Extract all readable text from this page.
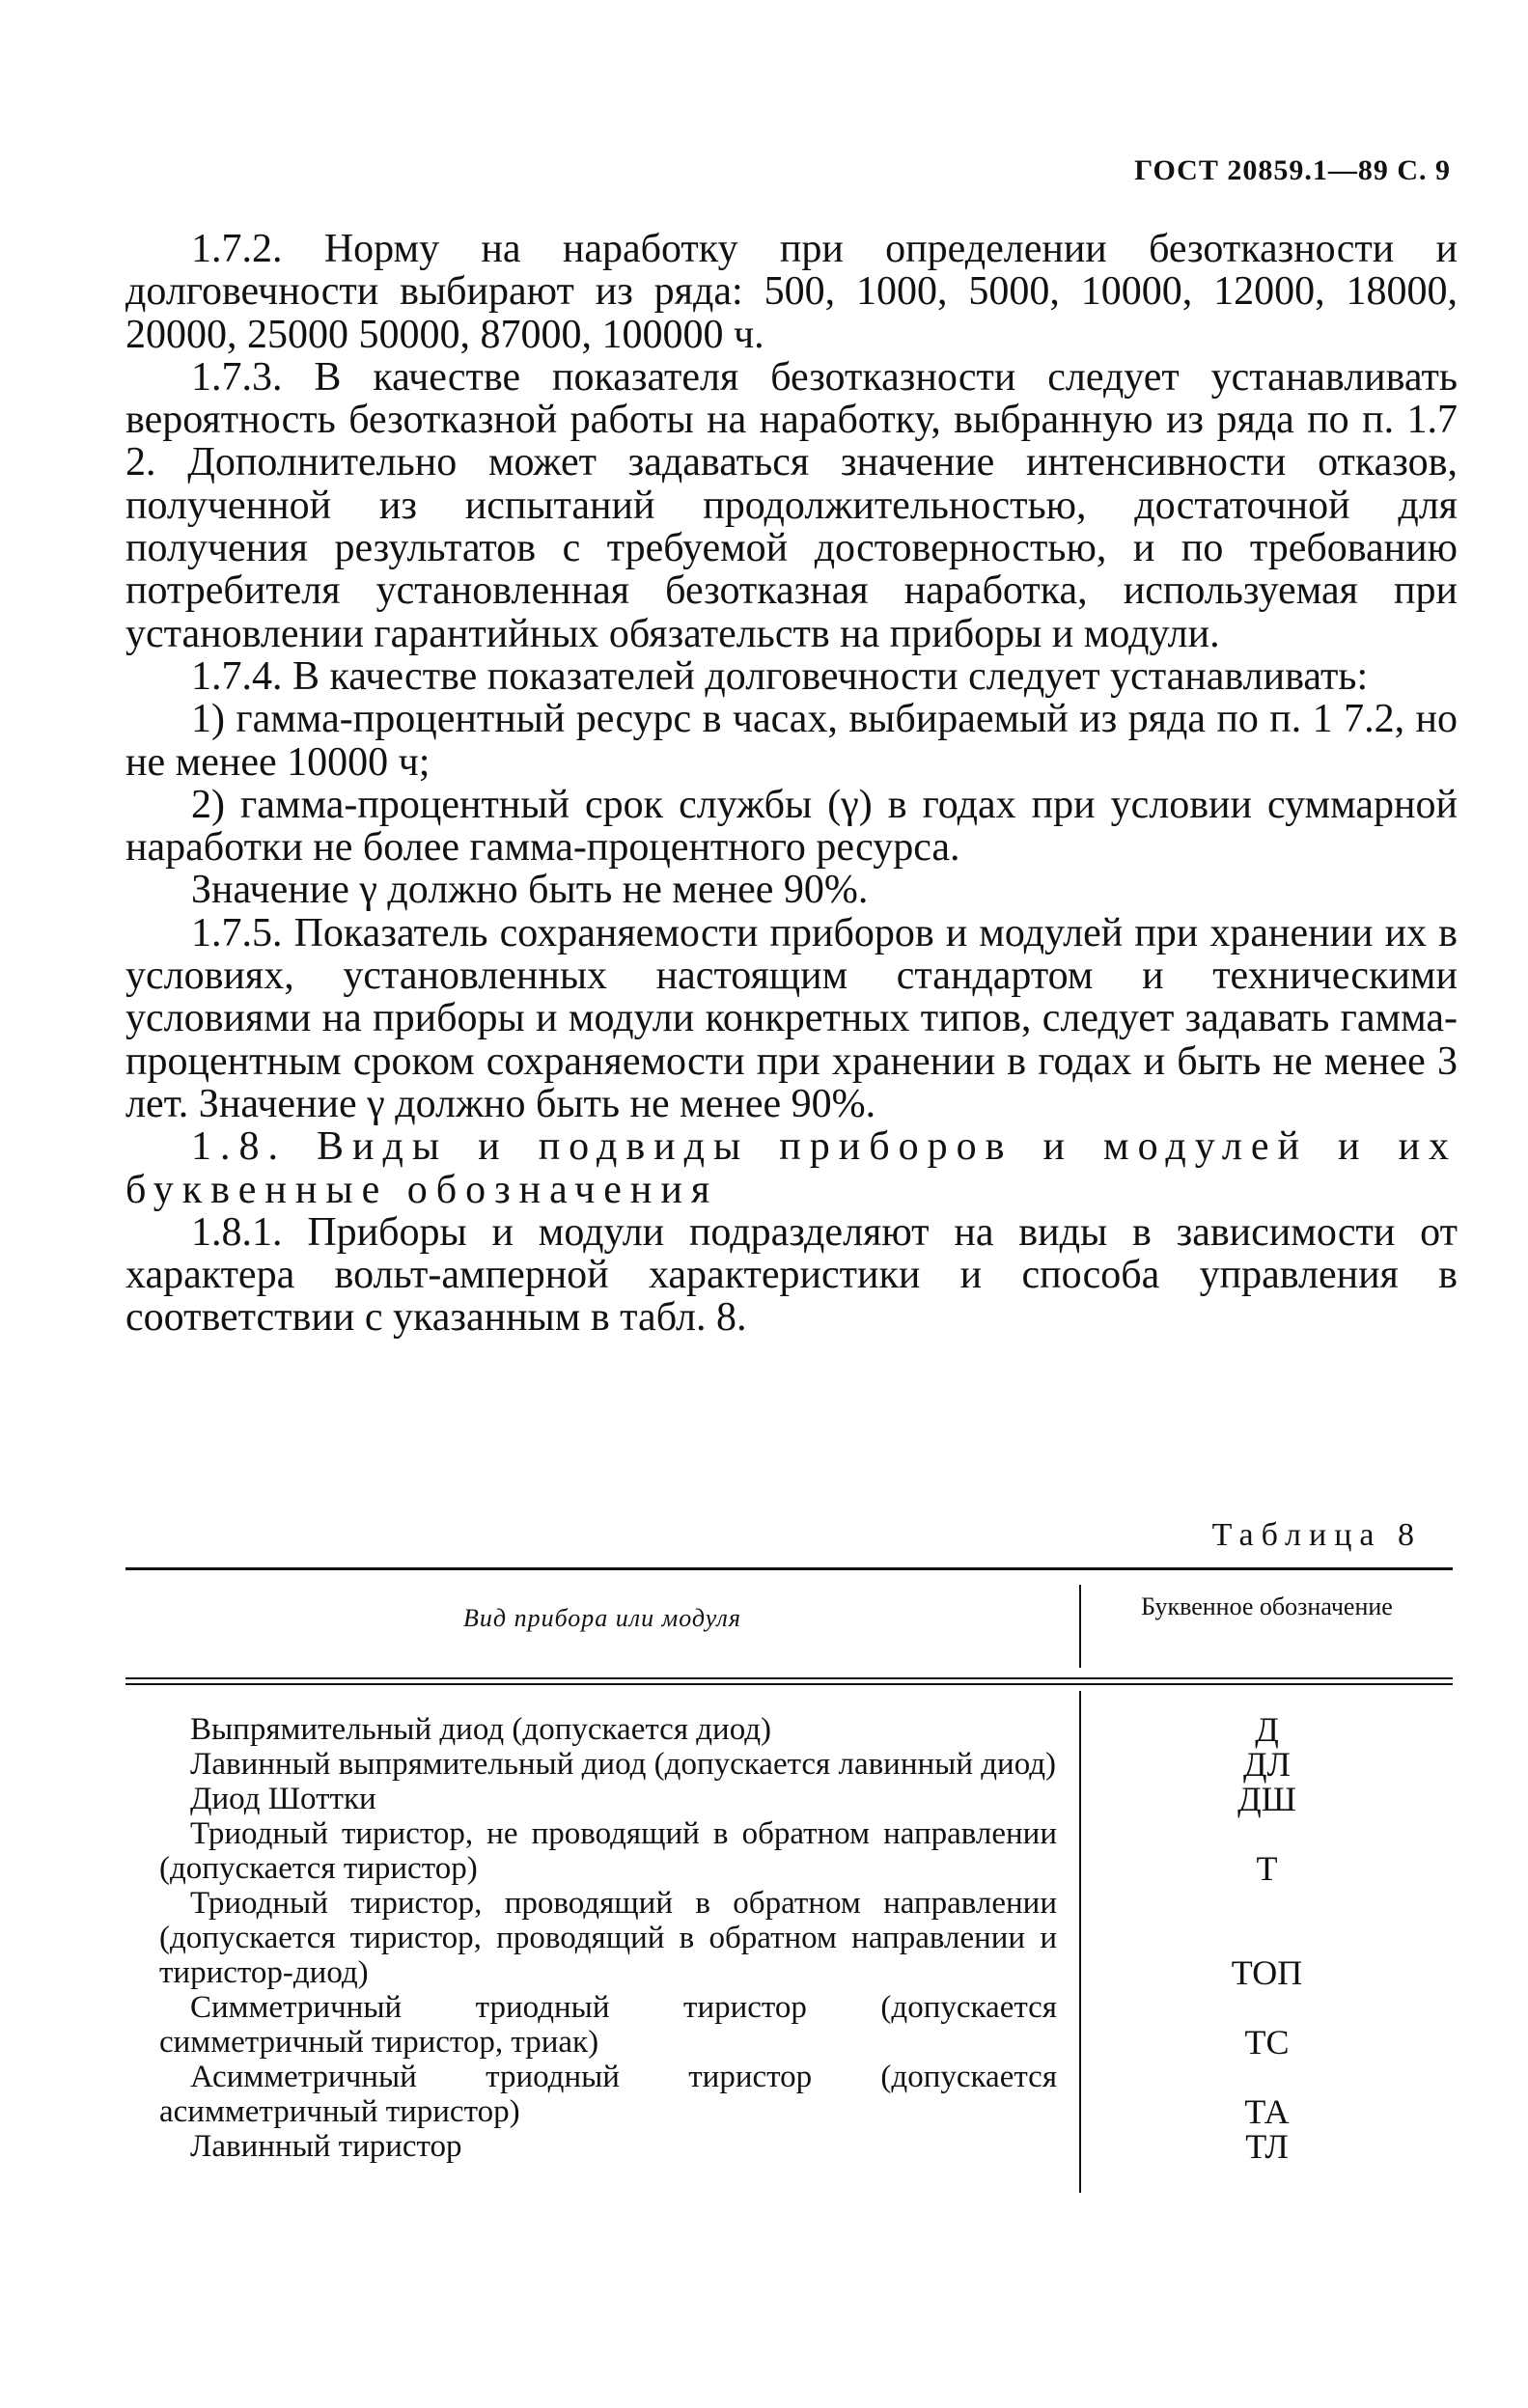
ГОСТ 20859.1—89 С. 9

1.7.2. Норму на наработку при определении безотказности и долговечности выбирают из ряда: 500, 1000, 5000, 10000, 12000, 18000, 20000, 25000 50000, 87000, 100000 ч.

1.7.3. В качестве показателя безотказности следует устанавливать вероятность безотказной работы на наработку, выбранную из ряда по п. 1.7 2. Дополнительно может задаваться значение интенсивности отказов, полученной из испытаний продолжительностью, достаточной для получения результатов с требуемой достоверностью, и по требованию потребителя установленная безотказная наработка, используемая при установлении гарантийных обязательств на приборы и модули.

1.7.4. В качестве показателей долговечности следует устанавливать:

1) гамма-процентный ресурс в часах, выбираемый из ряда по п. 1 7.2, но не менее 10000 ч;

2) гамма-процентный срок службы (γ) в годах при условии суммарной наработки не более гамма-процентного ресурса.

Значение γ должно быть не менее 90%.

1.7.5. Показатель сохраняемости приборов и модулей при хранении их в условиях, установленных настоящим стандартом и техническими условиями на приборы и модули конкретных типов, следует задавать гамма-процентным сроком сохраняемости при хранении в годах и быть не менее 3 лет. Значение γ должно быть не менее 90%.

1.8. Виды и подвиды приборов и модулей и их буквенные обозначения

1.8.1. Приборы и модули подразделяют на виды в зависимости от характера вольт-амперной характеристики и способа управления в соответствии с указанным в табл. 8.

Таблица 8
Вид прибора или модуля	Буквенное обозначение
Выпрямительный диод (допускается диод)	Д
Лавинный выпрямительный диод (допускается лавинный диод)	ДЛ
Диод Шоттки	ДШ
Триодный тиристор, не проводящий в обратном направлении (допускается тиристор)	Т
Триодный тиристор, проводящий в обратном направлении (допускается тиристор, проводящий в обратном направлении и тиристор-диод)	ТОП
Симметричный триодный тиристор (допускается симметричный тиристор, триак)	ТС
Асимметричный триодный тиристор (допускается асимметричный тиристор)	ТА
Лавинный тиристор	ТЛ
